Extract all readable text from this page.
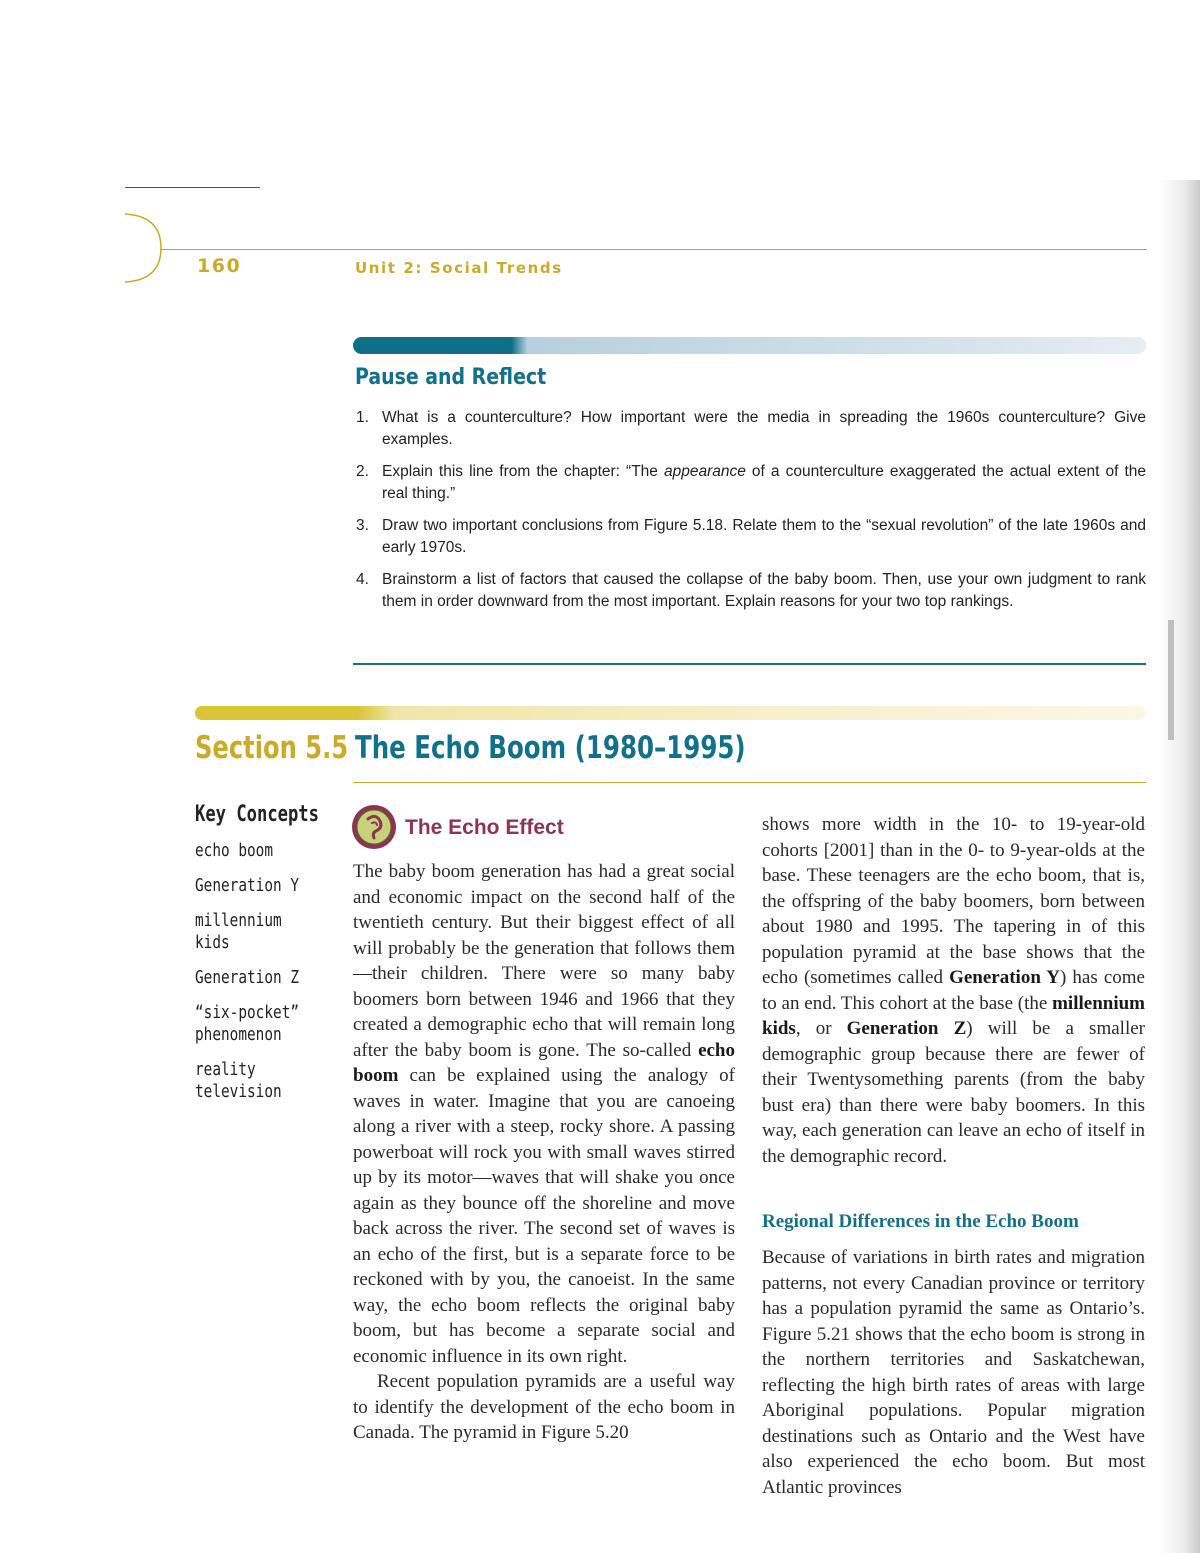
160	Unit 2: Social Trends
Pause and Reflect
1. What is a counterculture? How important were the media in spreading the 1960s counterculture? Give examples.
2. Explain this line from the chapter: “The appearance of a counterculture exaggerated the actual extent of the real thing.”
3. Draw two important conclusions from Figure 5.18. Relate them to the “sexual revolution” of the late 1960s and early 1970s.
4. Brainstorm a list of factors that caused the collapse of the baby boom. Then, use your own judgment to rank them in order downward from the most important. Explain reasons for your two top rankings.
Section 5.5 The Echo Boom (1980–1995)
Key Concepts
echo boom
Generation Y
millennium kids
Generation Z
“six-pocket”
phenomenon
reality television
The Echo Effect

The baby boom generation has had a great social and economic impact on the second half of the twentieth century. But their biggest effect of all will probably be the generation that follows them—their children. There were so many baby boomers born between 1946 and 1966 that they created a demographic echo that will remain long after the baby boom is gone. The so-called echo boom can be explained using the analogy of waves in water. Imagine that you are canoeing along a river with a steep, rocky shore. A passing powerboat will rock you with small waves stirred up by its motor—waves that will shake you once again as they bounce off the shoreline and move back across the river. The second set of waves is an echo of the first, but is a separate force to be reckoned with by you, the canoeist. In the same way, the echo boom reflects the original baby boom, but has become a separate social and economic influence in its own right.

Recent population pyramids are a useful way to identify the development of the echo boom in Canada. The pyramid in Figure 5.20

shows more width in the 10- to 19-year-old cohorts [2001] than in the 0- to 9-year-olds at the base. These teenagers are the echo boom, that is, the offspring of the baby boomers, born between about 1980 and 1995. The tapering in of this population pyramid at the base shows that the echo (sometimes called Generation Y) has come to an end. This cohort at the base (the millennium kids, or Generation Z) will be a smaller demographic group because there are fewer of their Twentysomething parents (from the baby bust era) than there were baby boomers. In this way, each generation can leave an echo of itself in the demographic record.

Regional Differences in the Echo Boom
Because of variations in birth rates and migration patterns, not every Canadian province or territory has a population pyramid the same as Ontario’s. Figure 5.21 shows that the echo boom is strong in the northern territories and Saskatchewan, reflecting the high birth rates of areas with large Aboriginal populations. Popular migration destinations such as Ontario and the West have also experienced the echo boom. But most Atlantic provinces
